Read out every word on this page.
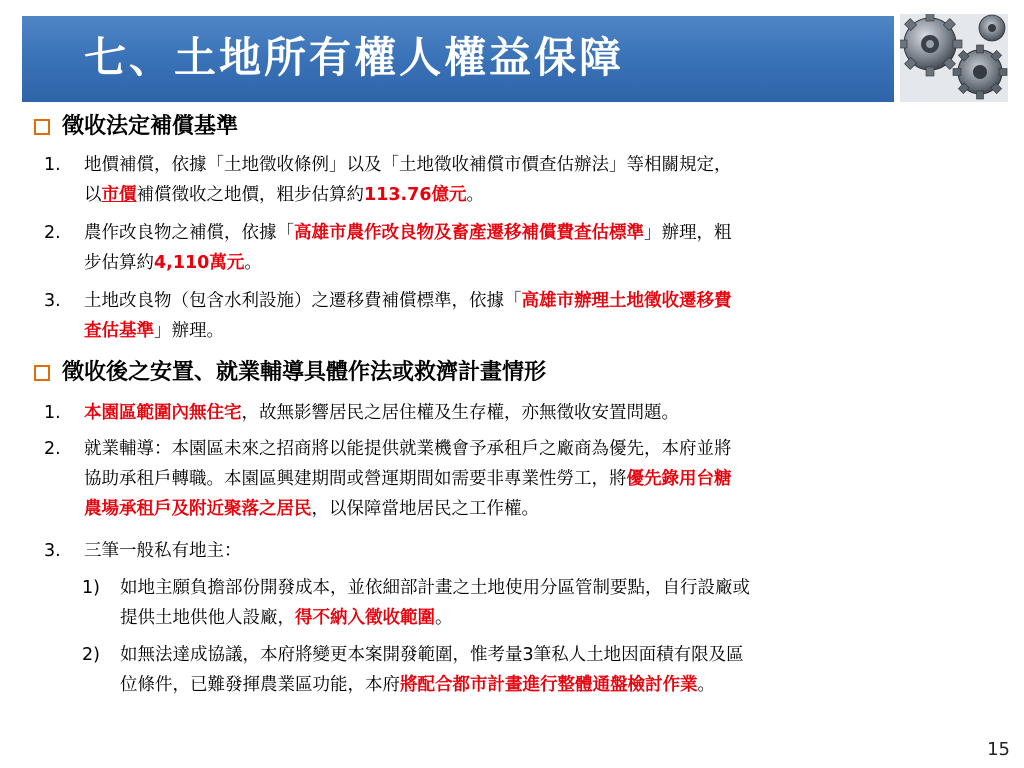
七、土地所有權人權益保障
徵收法定補償基準
1. 地價補償，依據「土地徵收條例」以及「土地徵收補償市價查估辦法」等相關規定，
以市價補償徵收之地價，粗步估算約113.76億元。
2. 農作改良物之補償，依據「高雄市農作改良物及畜產遷移補償費查估標準」辦理，粗
步估算約4,110萬元。
3. 土地改良物（包含水利設施）之遷移費補償標準，依據「高雄市辦理土地徵收遷移費
查估基準」辦理。
徵收後之安置、就業輔導具體作法或救濟計畫情形
1. 本園區範圍內無住宅，故無影響居民之居住權及生存權，亦無徵收安置問題。
2. 就業輔導：本園區未來之招商將以能提供就業機會予承租戶之廠商為優先，本府並將
協助承租戶轉職。本園區興建期間或營運期間如需要非專業性勞工，將優先錄用台糖
農場承租戶及附近聚落之居民，以保障當地居民之工作權。
3. 三筆一般私有地主：
1) 如地主願負擔部份開發成本，並依細部計畫之土地使用分區管制要點，自行設廠或
提供土地供他人設廠，得不納入徵收範圍。
2) 如無法達成協議，本府將變更本案開發範圍，惟考量3筆私人土地因面積有限及區
位條件，已難發揮農業區功能，本府將配合都市計畫進行整體通盤檢討作業。
15
